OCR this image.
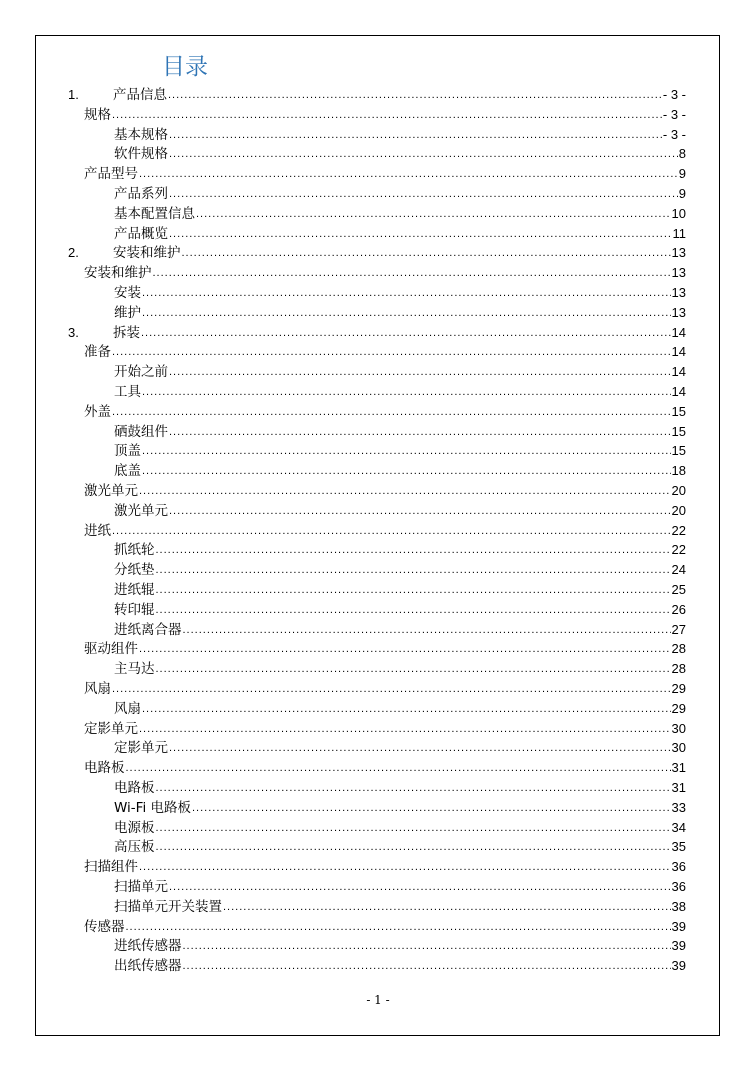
目录
1.	产品信息 .....	- 3 -
规格 .....	- 3 -
基本规格 .....	- 3 -
软件规格 .....	8
产品型号 .....	9
产品系列 .....	9
基本配置信息 .....	10
产品概览 .....	11
2.	安装和维护 .....	13
安装和维护 .....	13
安装 .....	13
维护 .....	13
3.	拆装 .....	14
准备 .....	14
开始之前 .....	14
工具 .....	14
外盖 .....	15
硒鼓组件 .....	15
顶盖 .....	15
底盖 .....	18
激光单元 .....	20
激光单元 .....	20
进纸 .....	22
抓纸轮 .....	22
分纸垫 .....	24
进纸辊 .....	25
转印辊 .....	26
进纸离合器 .....	27
驱动组件 .....	28
主马达 .....	28
风扇 .....	29
风扇 .....	29
定影单元 .....	30
定影单元 .....	30
电路板 .....	31
电路板 .....	31
Wi-Fi 电路板 .....	33
电源板 .....	34
高压板 .....	35
扫描组件 .....	36
扫描单元 .....	36
扫描单元开关装置 .....	38
传感器 .....	39
进纸传感器 .....	39
出纸传感器 .....	39
- 1 -
